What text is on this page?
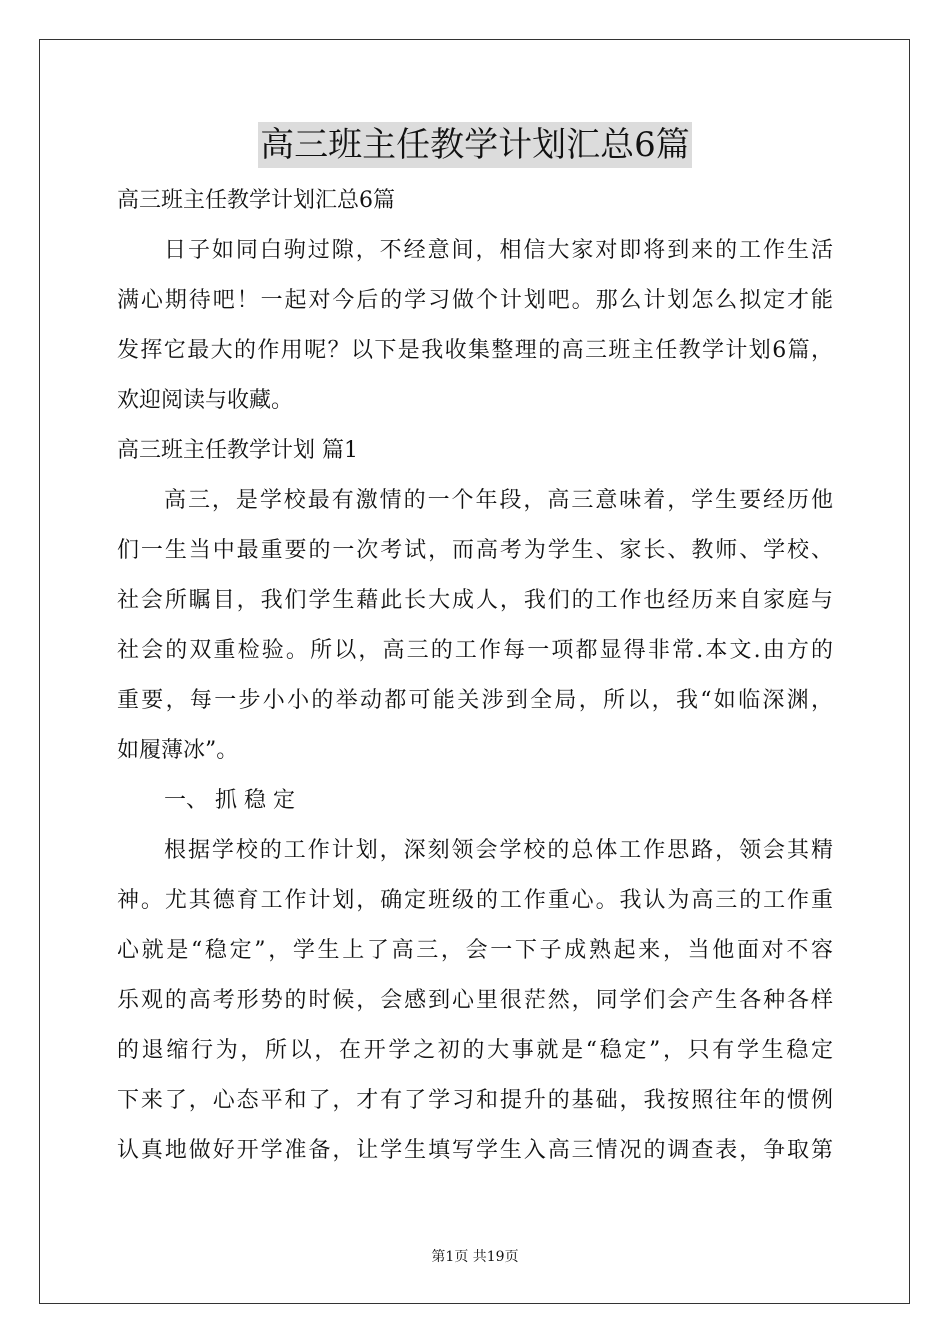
高三班主任教学计划汇总6篇
高三班主任教学计划汇总6篇
日子如同白驹过隙，不经意间，相信大家对即将到来的工作生活
满心期待吧！一起对今后的学习做个计划吧。那么计划怎么拟定才能
发挥它最大的作用呢？以下是我收集整理的高三班主任教学计划6篇，
欢迎阅读与收藏。
高三班主任教学计划 篇1
高三，是学校最有激情的一个年段，高三意味着，学生要经历他
们一生当中最重要的一次考试，而高考为学生、家长、教师、学校、
社会所瞩目，我们学生藉此长大成人，我们的工作也经历来自家庭与
社会的双重检验。所以，高三的工作每一项都显得非常.本文.由方的
重要，每一步小小的举动都可能关涉到全局，所以，我“如临深渊，
如履薄冰”。
一、 抓 稳 定
根据学校的工作计划，深刻领会学校的总体工作思路，领会其精
神。尤其德育工作计划，确定班级的工作重心。我认为高三的工作重
心就是“稳定”，学生上了高三，会一下子成熟起来，当他面对不容
乐观的高考形势的时候，会感到心里很茫然，同学们会产生各种各样
的退缩行为，所以，在开学之初的大事就是“稳定”，只有学生稳定
下来了，心态平和了，才有了学习和提升的基础，我按照往年的惯例
认真地做好开学准备，让学生填写学生入高三情况的调查表，争取第
第1页 共19页
